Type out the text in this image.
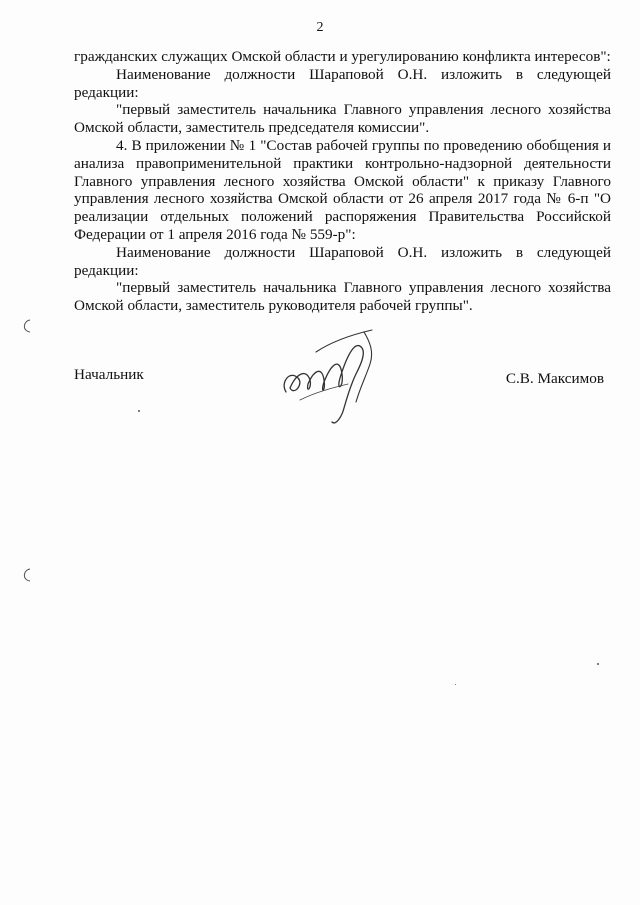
2

гражданских служащих Омской области и урегулированию конфликта интересов":

Наименование должности Шараповой О.Н. изложить в следующей редакции:

"первый заместитель начальника Главного управления лесного хозяйства Омской области, заместитель председателя комиссии".

4. В приложении № 1 "Состав рабочей группы по проведению обобщения и анализа правоприменительной практики контрольно-надзорной деятельности Главного управления лесного хозяйства Омской области" к приказу Главного управления лесного хозяйства Омской области от 26 апреля 2017 года № 6-п "О реализации отдельных положений распоряжения Правительства Российской Федерации от 1 апреля 2016 года № 559-р":

Наименование должности Шараповой О.Н. изложить в следующей редакции:

"первый заместитель начальника Главного управления лесного хозяйства Омской области, заместитель руководителя рабочей группы".

Начальник	С.В. Максимов
